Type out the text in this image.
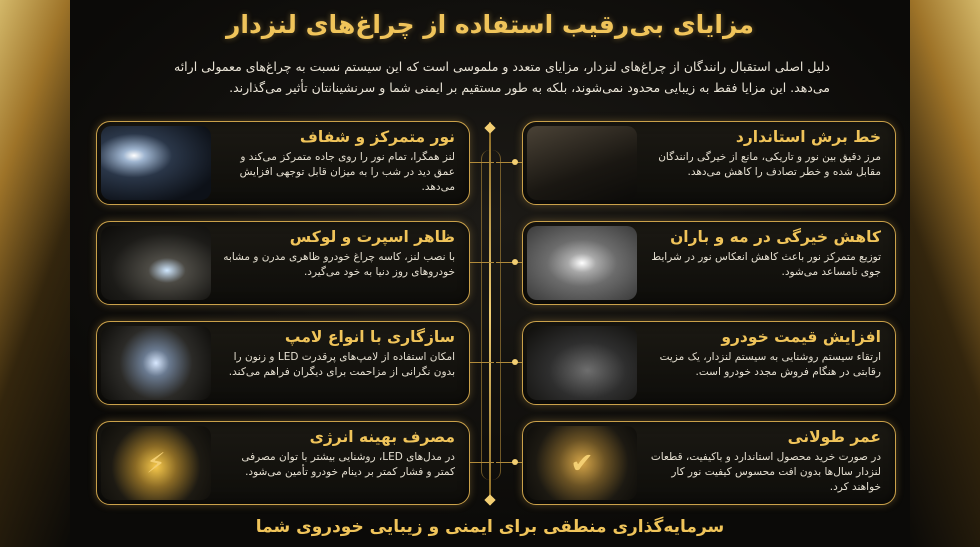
مزایای بی‌رقیب استفاده از چراغ‌های لنزدار
دلیل اصلی استقبال رانندگان از چراغ‌های لنزدار، مزایای متعدد و ملموسی است که این سیستم نسبت به چراغ‌های معمولی ارائه می‌دهد. این مزایا فقط به زیبایی محدود نمی‌شوند، بلکه به طور مستقیم بر ایمنی شما و سرنشینانتان تأثیر می‌گذارند.
نور متمرکز و شفاف

لنز همگرا، تمام نور را روی جاده متمرکز می‌کند و عمق دید در شب را به میزان قابل توجهی افزایش می‌دهد.

ظاهر اسپرت و لوکس

با نصب لنز، کاسه چراغ خودرو ظاهری مدرن و مشابه خودروهای روز دنیا به خود می‌گیرد.

سازگاری با انواع لامپ

امکان استفاده از لامپ‌های پرقدرت LED و زنون را بدون نگرانی از مزاحمت برای دیگران فراهم می‌کند.

⚡
مصرف بهینه انرژی

در مدل‌های LED، روشنایی بیشتر با توان مصرفی کمتر و فشار کمتر بر دینام خودرو تأمین می‌شود.

خط برش استاندارد

مرز دقیق بین نور و تاریکی، مانع از خیرگی رانندگان مقابل شده و خطر تصادف را کاهش می‌دهد.

کاهش خیرگی در مه و باران

توزیع متمرکز نور باعث کاهش انعکاس نور در شرایط جوی نامساعد می‌شود.

افزایش قیمت خودرو

ارتقاء سیستم روشنایی به سیستم لنزدار، یک مزیت رقابتی در هنگام فروش مجدد خودرو است.

✔
عمر طولانی

در صورت خرید محصول استاندارد و باکیفیت، قطعات لنزدار سال‌ها بدون افت محسوس کیفیت نور کار خواهند کرد.

سرمایه‌گذاری منطقی برای ایمنی و زیبایی خودروی شما
